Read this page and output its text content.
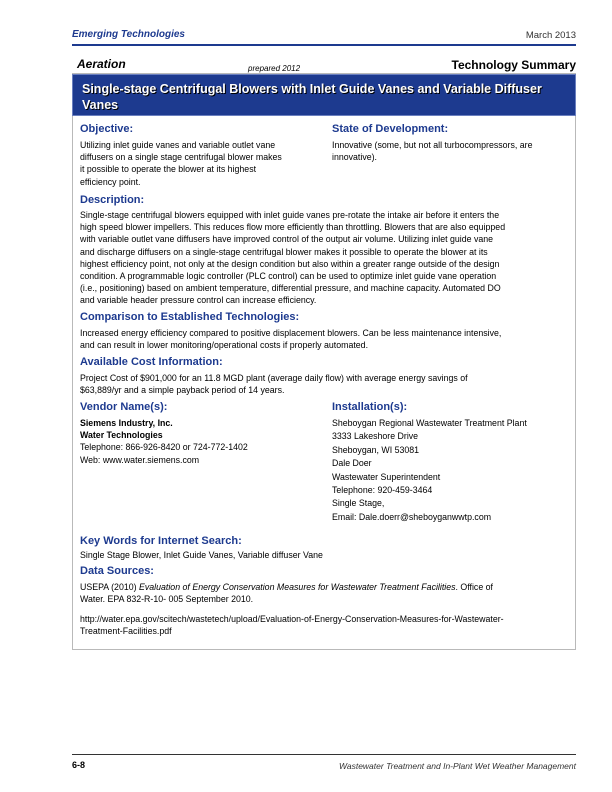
Emerging Technologies	March 2013
Aeration	prepared 2012	Technology Summary
Single-stage Centrifugal Blowers with Inlet Guide Vanes and Variable Diffuser Vanes
Objective:
Utilizing inlet guide vanes and variable outlet vane
diffusers on a single stage centrifugal blower makes
it possible to operate the blower at its highest
efficiency point.
State of Development:
Innovative (some, but not all turbocompressors, are
innovative).
Description:
Single-stage centrifugal blowers equipped with inlet guide vanes pre-rotate the intake air before it enters the
high speed blower impellers. This reduces flow more efficiently than throttling. Blowers that are also equipped
with variable outlet vane diffusers have improved control of the output air volume. Utilizing inlet guide vane
and discharge diffusers on a single-stage centrifugal blower makes it possible to operate the blower at its
highest efficiency point, not only at the design condition but also within a greater range outside of the design
condition. A programmable logic controller (PLC control) can be used to optimize inlet guide vane operation
(i.e., positioning) based on ambient temperature, differential pressure, and machine capacity. Automated DO
and variable header pressure control can increase efficiency.
Comparison to Established Technologies:
Increased energy efficiency compared to positive displacement blowers. Can be less maintenance intensive,
and can result in lower monitoring/operational costs if properly automated.
Available Cost Information:
Project Cost of $901,000 for an 11.8 MGD plant (average daily flow) with average energy savings of
$63,889/yr and a simple payback period of 14 years.
Vendor Name(s):
Siemens Industry, Inc.
Water Technologies
Telephone: 866-926-8420 or 724-772-1402
Web: www.water.siemens.com
Installation(s):
Sheboygan Regional Wastewater Treatment Plant
3333 Lakeshore Drive
Sheboygan, WI 53081
Dale Doer
Wastewater Superintendent
Telephone: 920-459-3464
Single Stage,
Email: Dale.doerr@sheboyganwwtp.com
Key Words for Internet Search:
Single Stage Blower, Inlet Guide Vanes, Variable diffuser Vane
Data Sources:
USEPA (2010) Evaluation of Energy Conservation Measures for Wastewater Treatment Facilities. Office of
Water. EPA 832-R-10- 005 September 2010.
http://water.epa.gov/scitech/wastetech/upload/Evaluation-of-Energy-Conservation-Measures-for-Wastewater-
Treatment-Facilities.pdf
6-8	Wastewater Treatment and In-Plant Wet Weather Management
